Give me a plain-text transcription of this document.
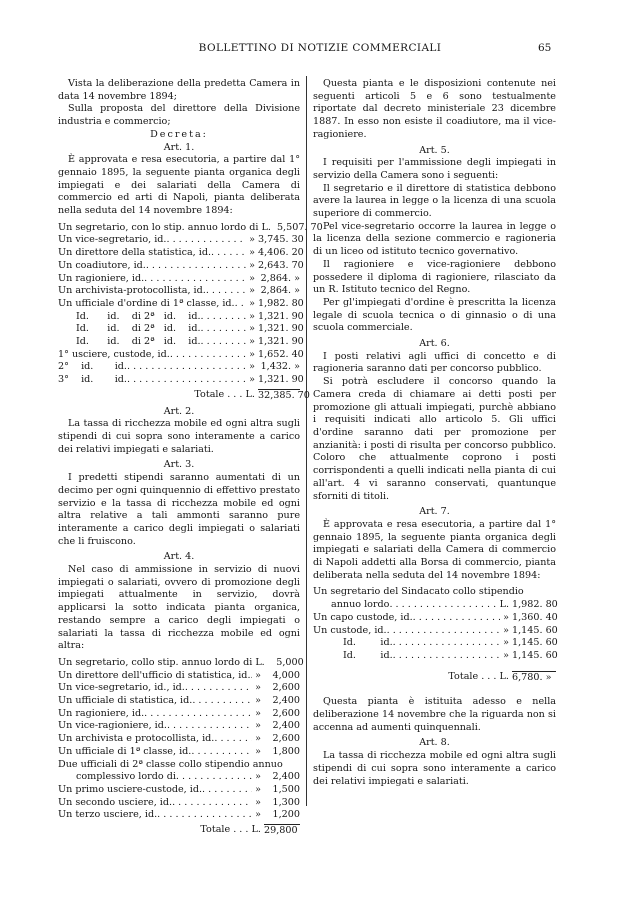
BOLLETTINO DI NOTIZIE COMMERCIALI	65

Vista la deliberazione della predetta Camera in data 14 novembre 1894;

Sulla proposta del direttore della Divisione industria e commercio;

Decreta:
Art. 1.

È approvata e resa esecutoria, a partire dal 1° gennaio 1895, la seguente pianta organica degli impiegati e dei salariati della Camera di commercio ed arti di Napoli, pianta deliberata nella seduta del 14 novembre 1894:

Un segretario, con lo stip. annuo lordo di L. 5,507. 70
Un vice-segretario, id. . . .	» 3,745. 30
Un direttore della statistica, id. . . .	» 4,406. 20
Un coadiutore, id. . . .	» 2,643. 70
Un ragioniere, id. . . .	» 2,864. »
Un archivista-protocollista, id. . . .	» 2,864. »
Un ufficiale d'ordine di 1ª classe, id. . . .	» 1,982. 80
Id.      id.    di 2ª   id.    id. . . .	» 1,321. 90
Id.      id.    di 2ª   id.    id. . . .	» 1,321. 90
Id.      id.    di 2ª   id.    id. . . .	» 1,321. 90
1° usciere, custode, id. . . .	» 1,652. 40
2°    id.       id. . . .	» 1,432. »
3°    id.       id. . . .	» 1,321. 90
Totale . . . L.
32,385. 70
Art. 2.

La tassa di ricchezza mobile ed ogni altra sugli stipendi di cui sopra sono interamente a carico dei relativi impiegati e salariati.

Art. 3.

I predetti stipendi saranno aumentati di un decimo per ogni quinquennio di effettivo prestato servizio e la tassa di ricchezza mobile ed ogni altra relative a tali ammonti saranno pure interamente a carico degli impiegati o salariati che li fruiscono.

Art. 4.

Nel caso di ammissione in servizio di nuovi impiegati o salariati, ovvero di promozione degli impiegati attualmente in servizio, dovrà applicarsi la sotto indicata pianta organica, restando sempre a carico degli impiegati o salariati la tassa di ricchezza mobile ed ogni altra:

Un segretario, collo stip. annuo lordo di L.	5,000
Un direttore dell'ufficio di statistica, id. . . . »	4,000
Un vice-segretario, id., id. . . .	»	2,600
Un ufficiale di statistica, id. . . .	»	2,400
Un ragioniere, id. . . .	»	2,600
Un vice-ragioniere, id. . . .	»	2,400
Un archivista e protocollista, id. . . .	»	2,600
Un ufficiale di 1ª classe, id. . . .	»	1,800
Due ufficiali di 2ª classe collo stipendio annuo
complessivo lordo di . . .	»	2,400
Un primo usciere-custode, id. . . .	»	1,500
Un secondo usciere, id. . . .	»	1,300
Un terzo usciere, id. . . .	»	1,200
Totale . . . L.
29,800

Questa pianta e le disposizioni contenute nei seguenti articoli 5 e 6 sono testualmente riportate dal decreto ministeriale 23 dicembre 1887. In esso non esiste il coadiutore, ma il vice-ragioniere.

Art. 5.

I requisiti per l'ammissione degli impiegati in servizio della Camera sono i seguenti:

Il segretario e il direttore di statistica debbono avere la laurea in legge o la licenza di una scuola superiore di commercio.

Pel vice-segretario occorre la laurea in legge o la licenza della sezione commercio e ragioneria di un liceo od istituto tecnico governativo.

Il ragioniere e vice-ragioniere debbono possedere il diploma di ragioniere, rilasciato da un R. Istituto tecnico del Regno.

Per gl'impiegati d'ordine è prescritta la licenza legale di scuola tecnica o di ginnasio o di una scuola commerciale.

Art. 6.

I posti relativi agli uffici di concetto e di ragioneria saranno dati per concorso pubblico.

Si potrà escludere il concorso quando la Camera creda di chiamare ai detti posti per promozione gli attuali impiegati, purchè abbiano i requisiti indicati allo articolo 5. Gli uffici d'ordine saranno dati per promozione per anzianità: i posti di risulta per concorso pubblico. Coloro che attualmente coprono i posti corrispondenti a quelli indicati nella pianta di cui all'art. 4 vi saranno conservati, quantunque sforniti di titoli.

Art. 7.

È approvata e resa esecutoria, a partire dal 1° gennaio 1895, la seguente pianta organica degli impiegati e salariati della Camera di commercio di Napoli addetti alla Borsa di commercio, pianta deliberata nella seduta del 14 novembre 1894:

Un segretario del Sindacato collo stipendio
annuo lordo . . .	L. 1,982. 80
Un capo custode, id. . . .	» 1,360. 40
Un custode, id. . . .	» 1,145. 60
Id.        id. . . .	» 1,145. 60
Id.        id. . . .	» 1,145. 60
Totale . . . L.
6,780. »

Questa pianta è istituita adesso e nella deliberazione 14 novembre che la riguarda non si accenna ad aumenti quinquennali.

Art. 8.

La tassa di ricchezza mobile ed ogni altra sugli stipendi di cui sopra sono interamente a carico dei relativi impiegati e salariati.
